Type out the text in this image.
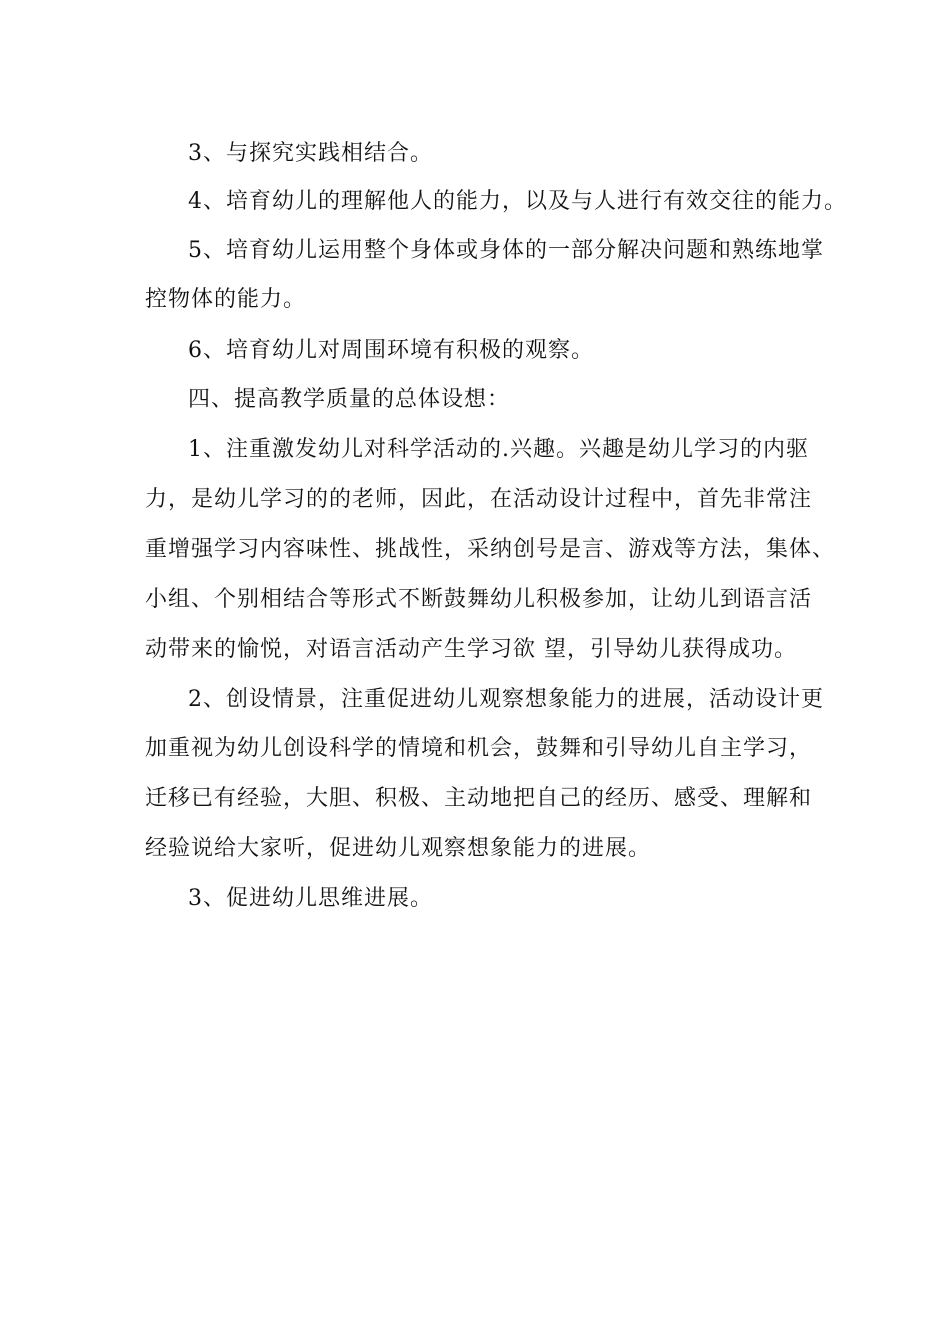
3、与探究实践相结合。
4、培育幼儿的理解他人的能力，以及与人进行有效交往的能力。
5、培育幼儿运用整个身体或身体的一部分解决问题和熟练地掌
控物体的能力。
6、培育幼儿对周围环境有积极的观察。
四、提高教学质量的总体设想：
1、注重激发幼儿对科学活动的.兴趣。兴趣是幼儿学习的内驱
力，是幼儿学习的的老师，因此，在活动设计过程中，首先非常注
重增强学习内容味性、挑战性，采纳创号是言、游戏等方法，集体、
小组、个别相结合等形式不断鼓舞幼儿积极参加，让幼儿到语言活
动带来的愉悦，对语言活动产生学习欲 望，引导幼儿获得成功。
2、创设情景，注重促进幼儿观察想象能力的进展，活动设计更
加重视为幼儿创设科学的情境和机会，鼓舞和引导幼儿自主学习，
迁移已有经验，大胆、积极、主动地把自己的经历、感受、理解和
经验说给大家听，促进幼儿观察想象能力的进展。
3、促进幼儿思维进展。
